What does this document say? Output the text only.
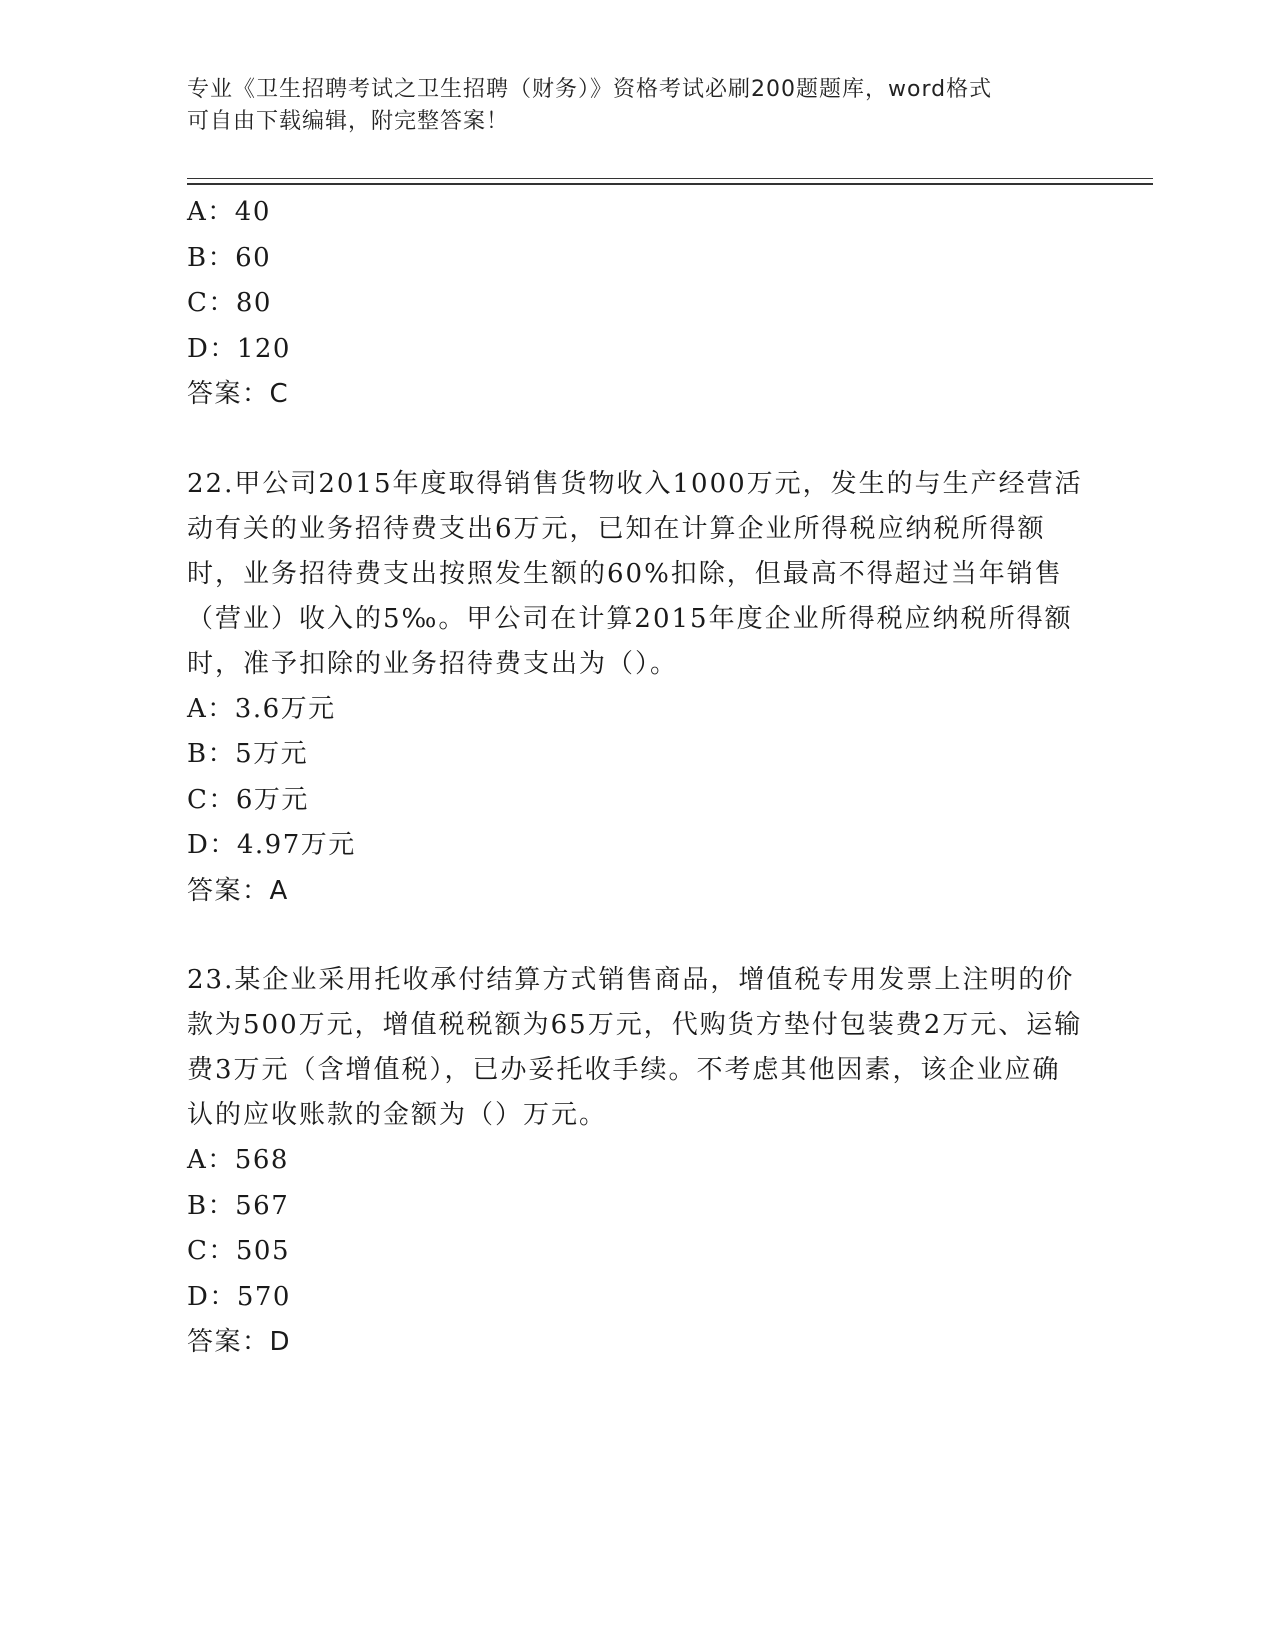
专业《卫生招聘考试之卫生招聘（财务）》资格考试必刷200题题库，word格式
可自由下载编辑，附完整答案！
A：40
B：60
C：80
D：120
答案：C
22.甲公司2015年度取得销售货物收入1000万元，发生的与生产经营活动有关的业务招待费支出6万元，已知在计算企业所得税应纳税所得额时，业务招待费支出按照发生额的60%扣除，但最高不得超过当年销售（营业）收入的5‰。甲公司在计算2015年度企业所得税应纳税所得额时，准予扣除的业务招待费支出为（）。
A：3.6万元
B：5万元
C：6万元
D：4.97万元
答案：A
23.某企业采用托收承付结算方式销售商品，增值税专用发票上注明的价款为500万元，增值税税额为65万元，代购货方垫付包装费2万元、运输费3万元（含增值税），已办妥托收手续。不考虑其他因素，该企业应确认的应收账款的金额为（）万元。
A：568
B：567
C：505
D：570
答案：D
